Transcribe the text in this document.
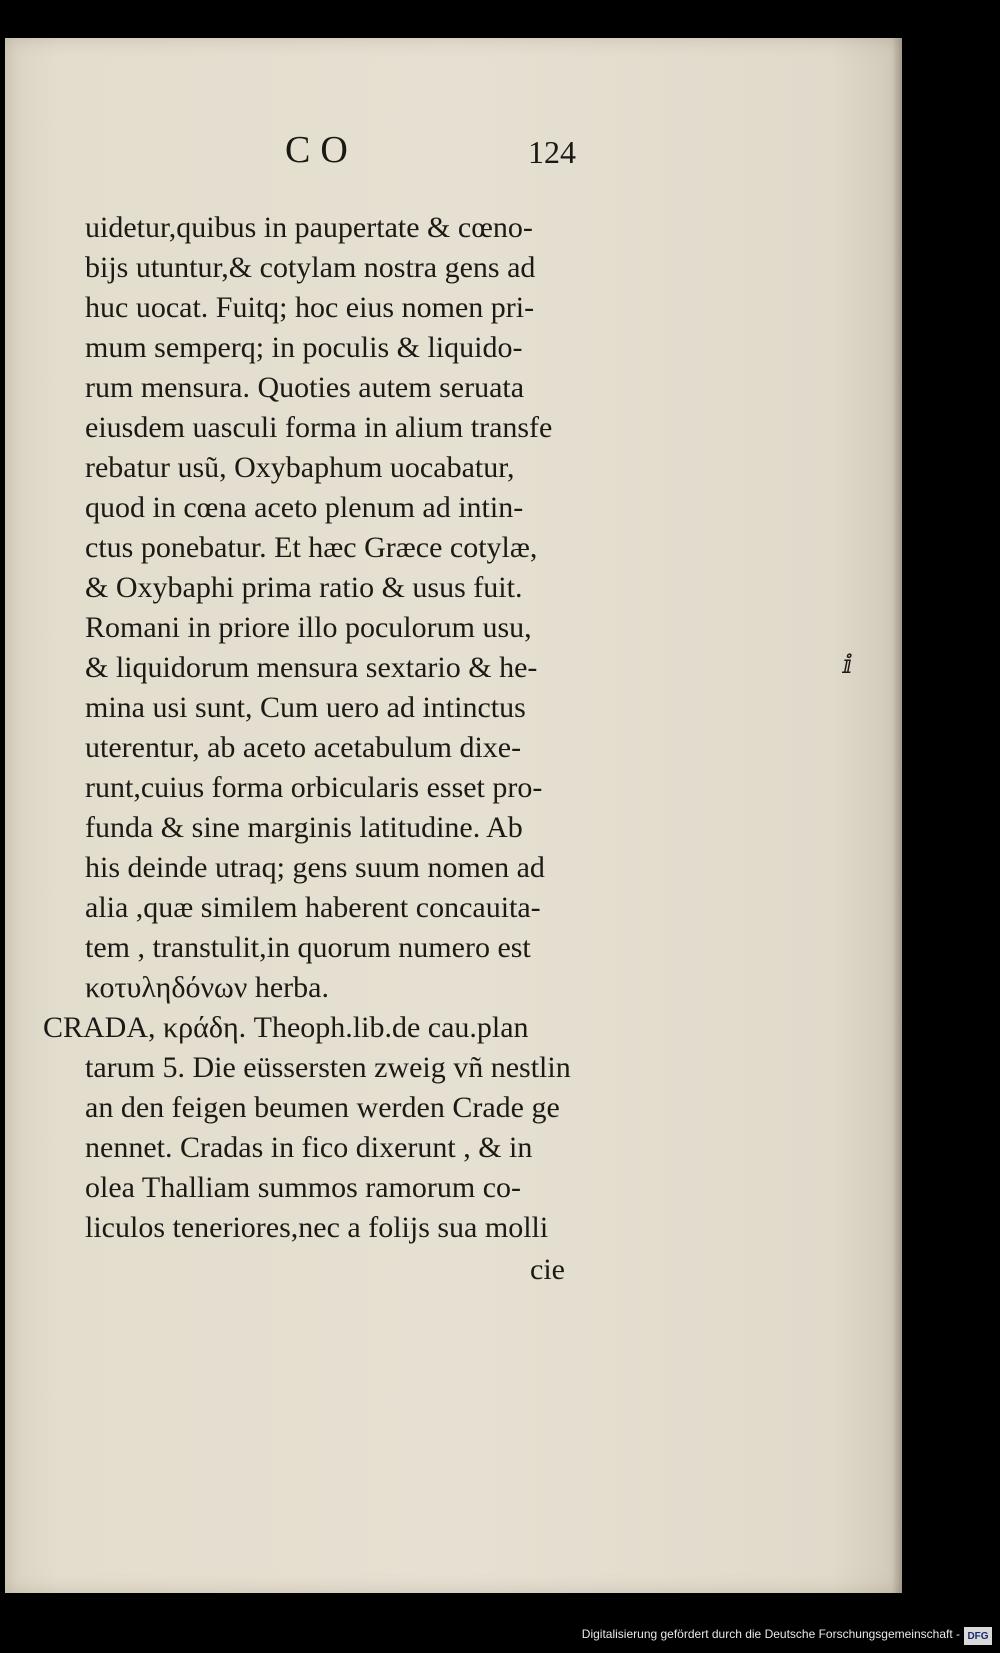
CO	124
uidetur,quibus in paupertate & cœno-
bijs utuntur,& cotylam nostra gens ad
huc uocat. Fuitq; hoc eius nomen pri-
mum semperq; in poculis & liquido-
rum mensura. Quoties autem seruata
eiusdem uasculi forma in alium transfe
rebatur usũ, Oxybaphum uocabatur,
quod in cœna aceto plenum ad intin-
ctus ponebatur. Et hæc Græce cotylæ,
& Oxybaphi prima ratio & usus fuit.
Romani in priore illo poculorum usu,
& liquidorum mensura sextario & he-
mina usi sunt, Cum uero ad intinctus
uterentur, ab aceto acetabulum dixe-
runt,cuius forma orbicularis esset pro-
funda & sine marginis latitudine. Ab
his deinde utraq; gens suum nomen ad
alia ,quæ similem haberent concauita-
tem , transtulit,in quorum numero est
κοτυληδόνων herba.
CRADA, κράδη. Theoph.lib.de cau.plan
tarum 5. Die eüssersten zweig vñ nestlin
an den feigen beumen werden Crade ge
nennet. Cradas in fico dixerunt , & in
olea Thalliam summos ramorum co-
liculos teneriores,nec a folijs sua molli
cie
ⅈ
Digitalisierung gefördert durch die Deutsche Forschungsgemeinschaft - DFG
